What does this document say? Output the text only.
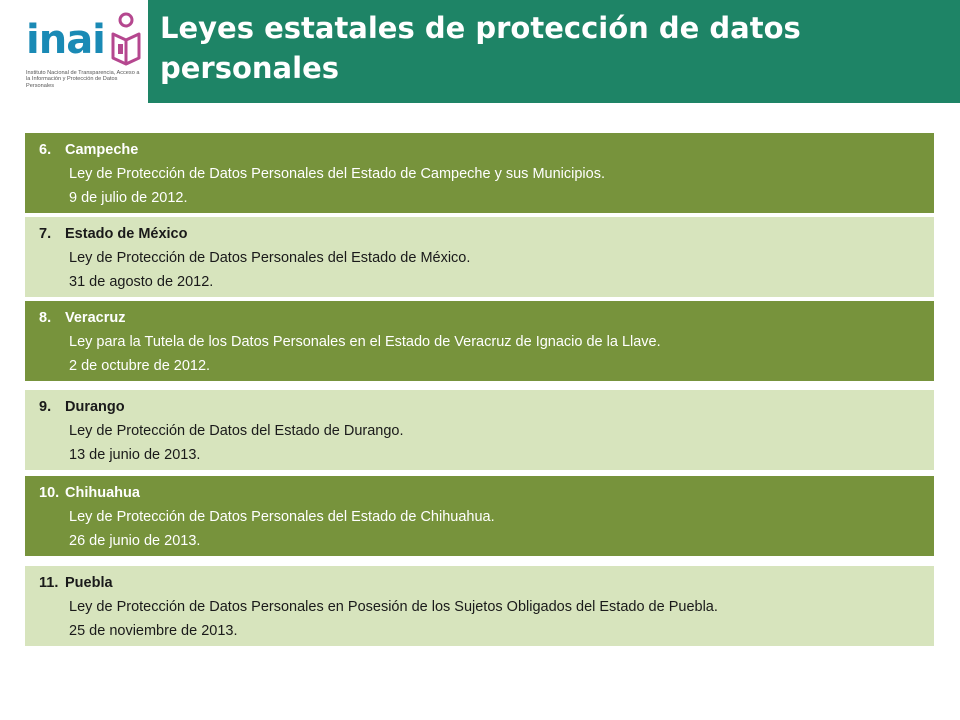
inai
Instituto Nacional de Transparencia, Acceso a la Información y Protección de Datos Personales
Leyes estatales de protección de datos personales
6. Campeche
Ley de Protección de Datos Personales del Estado de Campeche y sus Municipios.
9 de julio de 2012.
7. Estado de México
Ley de Protección de Datos Personales del Estado de México.
31 de agosto de 2012.
8. Veracruz
Ley para la Tutela de los Datos Personales en el Estado de Veracruz de Ignacio de la Llave.
2 de octubre de 2012.
9. Durango
Ley de Protección de Datos del Estado de Durango.
13 de junio de 2013.
10. Chihuahua
Ley de Protección de Datos Personales del Estado de Chihuahua.
26 de junio de 2013.
11. Puebla
Ley de Protección de Datos Personales en Posesión de los Sujetos Obligados del Estado de Puebla.
25 de noviembre de 2013.
